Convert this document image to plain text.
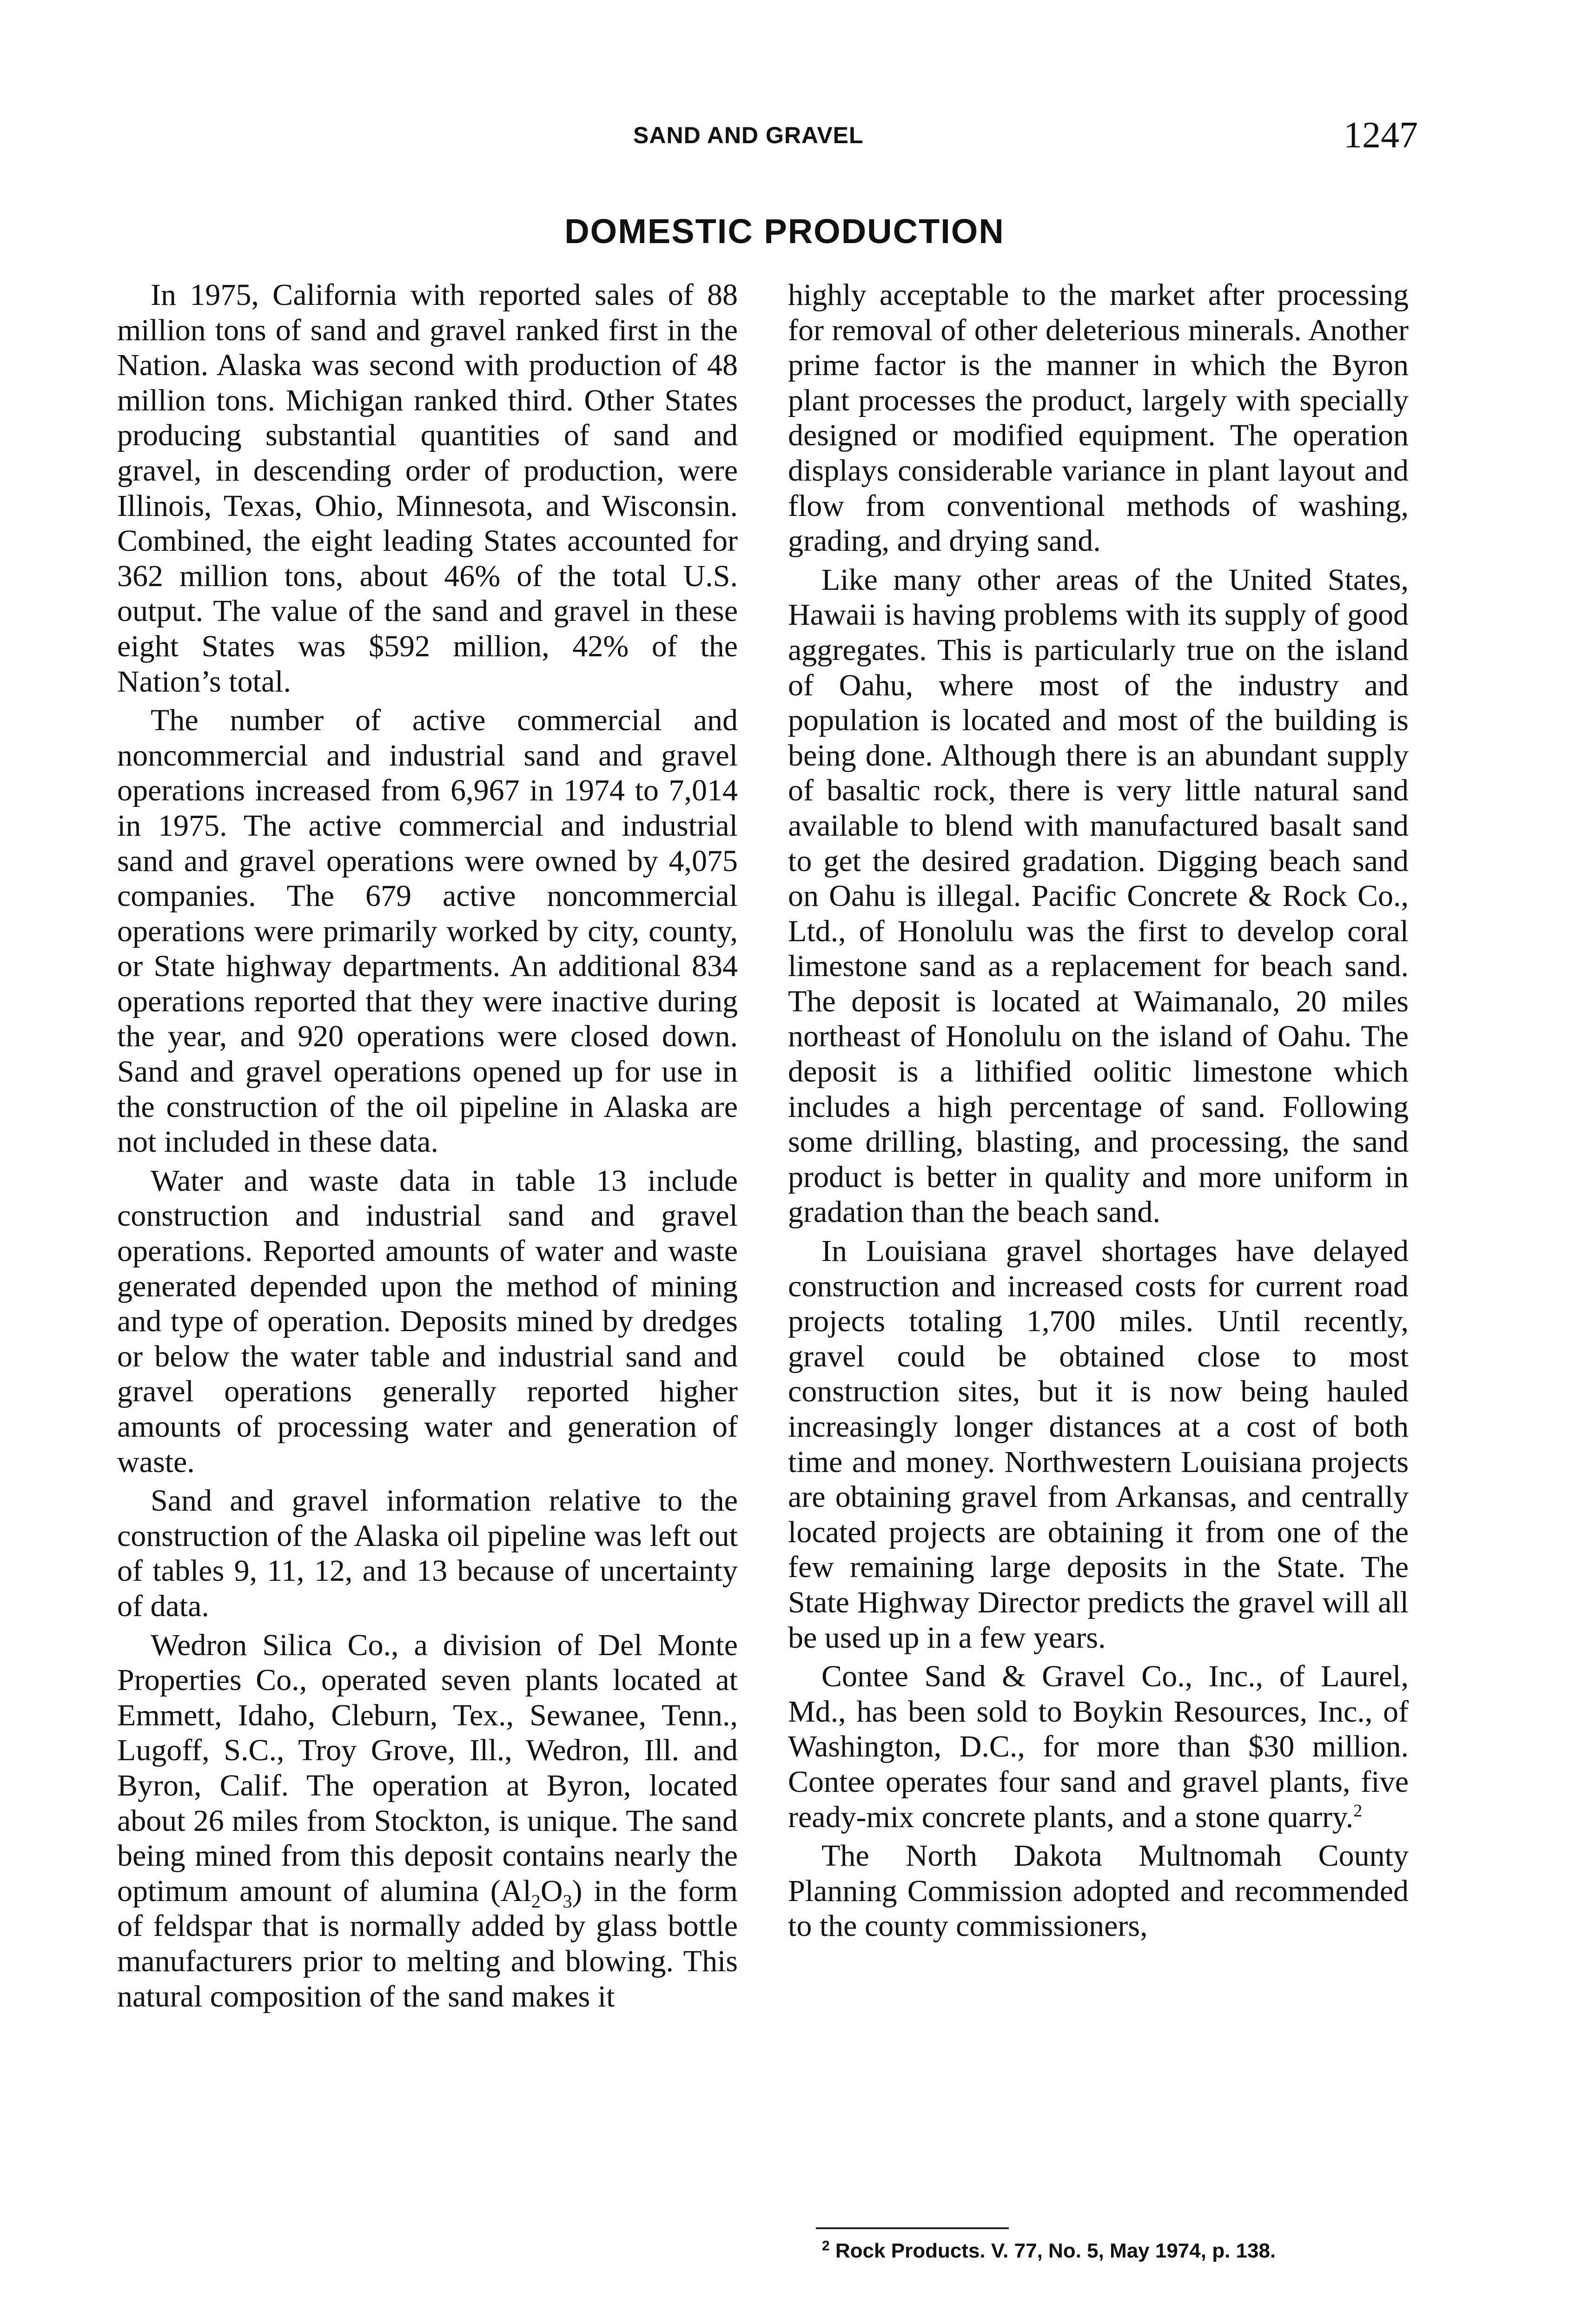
SAND AND GRAVEL	1247
DOMESTIC PRODUCTION

In 1975, California with reported sales of 88 million tons of sand and gravel ranked first in the Nation. Alaska was second with production of 48 million tons. Michigan ranked third. Other States producing substantial quantities of sand and gravel, in descending order of production, were Illinois, Texas, Ohio, Minnesota, and Wisconsin. Combined, the eight leading States accounted for 362 million tons, about 46% of the total U.S. output. The value of the sand and gravel in these eight States was $592 million, 42% of the Nation’s total.

The number of active commercial and noncommercial and industrial sand and gravel operations increased from 6,967 in 1974 to 7,014 in 1975. The active commercial and industrial sand and gravel operations were owned by 4,075 companies. The 679 active noncommercial operations were primarily worked by city, county, or State highway departments. An additional 834 operations reported that they were inactive during the year, and 920 operations were closed down. Sand and gravel operations opened up for use in the construction of the oil pipeline in Alaska are not included in these data.

Water and waste data in table 13 include construction and industrial sand and gravel operations. Reported amounts of water and waste generated depended upon the method of mining and type of operation. Deposits mined by dredges or below the water table and industrial sand and gravel operations generally reported higher amounts of processing water and generation of waste.

Sand and gravel information relative to the construction of the Alaska oil pipeline was left out of tables 9, 11, 12, and 13 because of uncertainty of data.

Wedron Silica Co., a division of Del Monte Properties Co., operated seven plants located at Emmett, Idaho, Cleburn, Tex., Sewanee, Tenn., Lugoff, S.C., Troy Grove, Ill., Wedron, Ill. and Byron, Calif. The operation at Byron, located about 26 miles from Stockton, is unique. The sand being mined from this deposit contains nearly the optimum amount of alumina $(Al_2O_3)$ in the form of feldspar that is normally added by glass bottle manufacturers prior to melting and blowing. This natural composition of the sand makes it

highly acceptable to the market after processing for removal of other deleterious minerals. Another prime factor is the manner in which the Byron plant processes the product, largely with specially designed or modified equipment. The operation displays considerable variance in plant layout and flow from conventional methods of washing, grading, and drying sand.

Like many other areas of the United States, Hawaii is having problems with its supply of good aggregates. This is particularly true on the island of Oahu, where most of the industry and population is located and most of the building is being done. Although there is an abundant supply of basaltic rock, there is very little natural sand available to blend with manufactured basalt sand to get the desired gradation. Digging beach sand on Oahu is illegal. Pacific Concrete & Rock Co., Ltd., of Honolulu was the first to develop coral limestone sand as a replacement for beach sand. The deposit is located at Waimanalo, 20 miles northeast of Honolulu on the island of Oahu. The deposit is a lithified oolitic limestone which includes a high percentage of sand. Following some drilling, blasting, and processing, the sand product is better in quality and more uniform in gradation than the beach sand.

In Louisiana gravel shortages have delayed construction and increased costs for current road projects totaling 1,700 miles. Until recently, gravel could be obtained close to most construction sites, but it is now being hauled increasingly longer distances at a cost of both time and money. Northwestern Louisiana projects are obtaining gravel from Arkansas, and centrally located projects are obtaining it from one of the few remaining large deposits in the State. The State Highway Director predicts the gravel will all be used up in a few years.

Contee Sand & Gravel Co., Inc., of Laurel, Md., has been sold to Boykin Resources, Inc., of Washington, D.C., for more than $30 million. Contee operates four sand and gravel plants, five ready-mix concrete plants, and a stone quarry.$^2$

The North Dakota Multnomah County Planning Commission adopted and recommended to the county commissioners,

$^2$ Rock Products. V. 77, No. 5, May 1974, p. 138.
